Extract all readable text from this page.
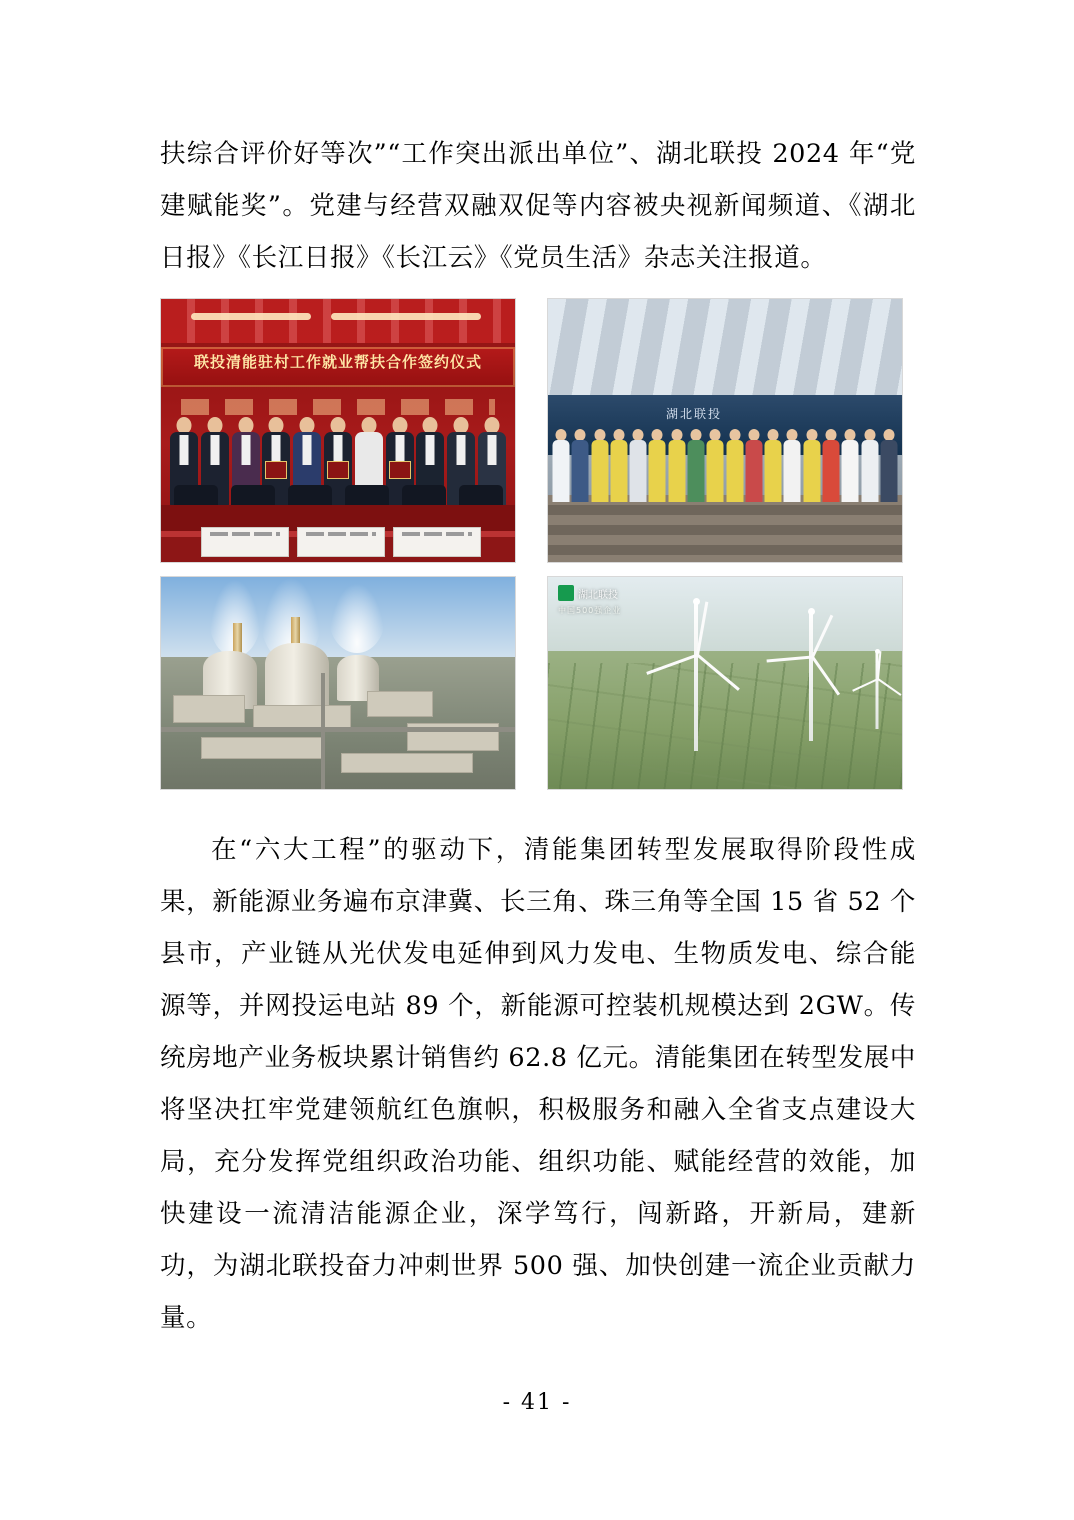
扶综合评价好等次”“工作突出派出单位”、湖北联投 2024 年“党建赋能奖”。党建与经营双融双促等内容被央视新闻频道、《湖北日报》《长江日报》《长江云》《党员生活》杂志关注报道。

联投清能驻村工作就业帮扶合作签约仪式
湖北联投
湖北联投
中国500强企业

在“六大工程”的驱动下，清能集团转型发展取得阶段性成果，新能源业务遍布京津冀、长三角、珠三角等全国 15 省 52 个县市，产业链从光伏发电延伸到风力发电、生物质发电、综合能源等，并网投运电站 89 个，新能源可控装机规模达到 2GW。传统房地产业务板块累计销售约 62.8 亿元。清能集团在转型发展中将坚决扛牢党建领航红色旗帜，积极服务和融入全省支点建设大局，充分发挥党组织政治功能、组织功能、赋能经营的效能，加快建设一流清洁能源企业，深学笃行，闯新路，开新局，建新功，为湖北联投奋力冲刺世界 500 强、加快创建一流企业贡献力量。

- 41 -
